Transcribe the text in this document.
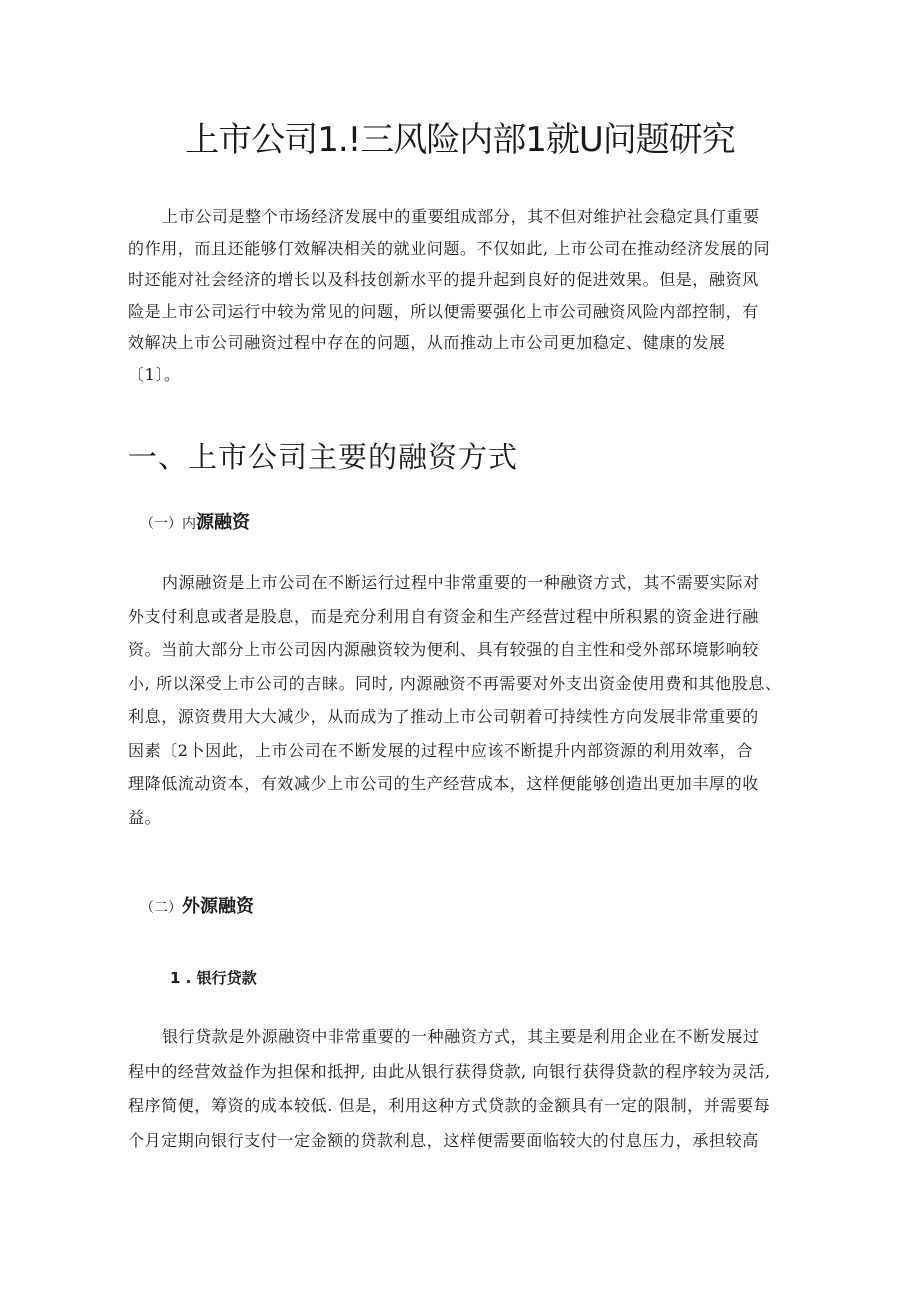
上市公司1.!三风险内部1就U问题研究
上市公司是整个市场经济发展中的重要组成部分，其不但对维护社会稳定具仃重要
的作用，而且还能够仃效解决相关的就业问题。不仅如此, 上市公司在推动经济发展的同
时还能对社会经济的增长以及科技创新水平的提升起到良好的促进效果。但是，融资风
险是上市公司运行中较为常见的问题，所以便需要强化上市公司融资风险内部控制，有
效解决上市公司融资过程中存在的问题，从而推动上市公司更加稳定、健康的发展
〔1〕。
一、上市公司主要的融资方式
（一）内源融资
内源融资是上市公司在不断运行过程中非常重要的一种融资方式，其不需要实际对
外支付利息或者是股息，而是充分利用自有资金和生产经营过程中所积累的资金进行融
资。当前大部分上市公司因内源融资较为便利、具有较强的自主性和受外部环境影响较
小, 所以深受上市公司的吉睐。同时, 内源融资不再需要对外支出资金使用费和其他股息、
利息，源资费用大大减少，从而成为了推动上市公司朝着可持续性方向发展非常重要的
因素〔2卜因此，上市公司在不断发展的过程中应该不断提升内部资源的利用效率，合
理降低流动资本，有效减少上市公司的生产经营成本，这样便能够创造出更加丰厚的收
益。
（二）外源融资
1 . 银行贷款
银行贷款是外源融资中非常重要的一种融资方式，其主要是利用企业在不断发展过
程中的经营效益作为担保和抵押, 由此从银行获得贷款, 向银行获得贷款的程序较为灵活,
程序简便，筹资的成本较低. 但是，利用这种方式贷款的金额具有一定的限制，并需要每
个月定期向银行支付一定金额的贷款利息，这样便需要面临较大的付息压力，承担较高
